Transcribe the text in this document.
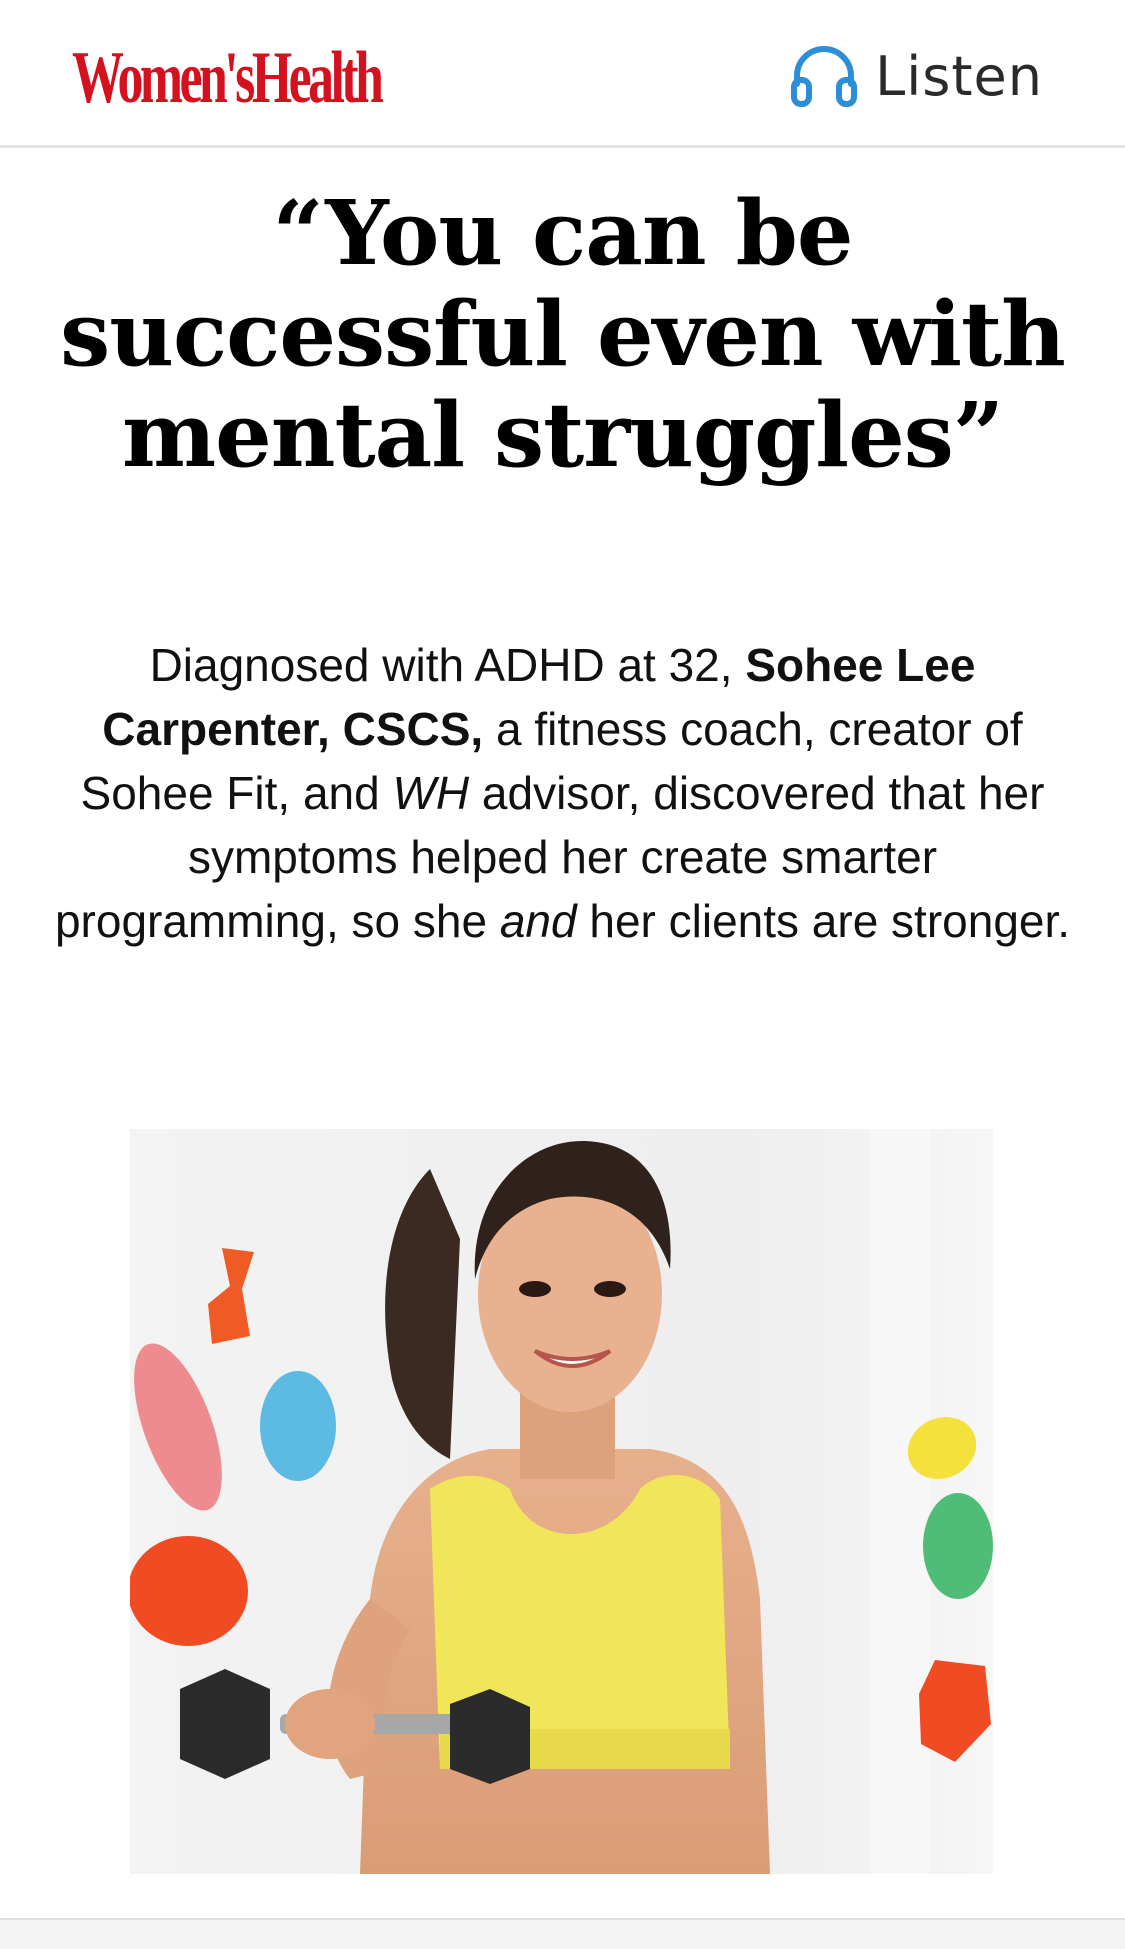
Women'sHealth	Listen
“You can be successful even with mental struggles”

Diagnosed with ADHD at 32, Sohee Lee Carpenter, CSCS, a fitness coach, creator of Sohee Fit, and WH advisor, discovered that her symptoms helped her create smarter programming, so she and her clients are stronger.
